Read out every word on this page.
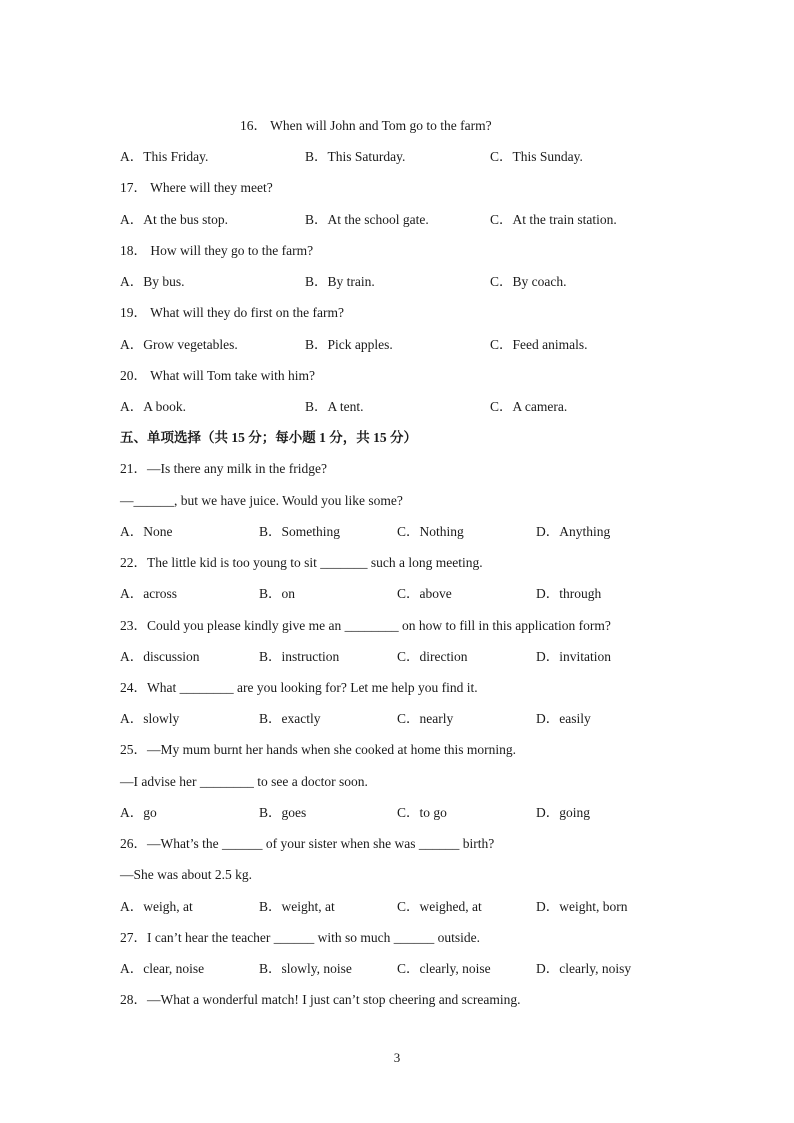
16． When will John and Tom go to the farm?
A．This Friday.	B．This Saturday.	C．This Sunday.
17． Where will they meet?
A．At the bus stop.	B．At the school gate.	C．At the train station.
18． How will they go to the farm?
A．By bus.	B．By train.	C．By coach.
19． What will they do first on the farm?
A．Grow vegetables.	B．Pick apples.	C．Feed animals.
20． What will Tom take with him?
A．A book.	B．A tent.	C．A camera.
五、单项选择（共 15 分；每小题 1 分，共 15 分）
21．—Is there any milk in the fridge?
—______, but we have juice. Would you like some?
A．None	B．Something	C．Nothing	D．Anything
22．The little kid is too young to sit _______ such a long meeting.
A．across	B．on	C．above	D．through
23．Could you please kindly give me an ________ on how to fill in this application form?
A．discussion	B．instruction	C．direction	D．invitation
24．What ________ are you looking for? Let me help you find it.
A．slowly	B．exactly	C．nearly	D．easily
25．—My mum burnt her hands when she cooked at home this morning.
—I advise her ________ to see a doctor soon.
A．go	B．goes	C．to go	D．going
26．—What’s the ______ of your sister when she was ______ birth?
—She was about 2.5 kg.
A．weigh, at	B．weight, at	C．weighed, at	D．weight, born
27．I can’t hear the teacher ______ with so much ______ outside.
A．clear, noise	B．slowly, noise	C．clearly, noise	D．clearly, noisy
28．—What a wonderful match! I just can’t stop cheering and screaming.
3
